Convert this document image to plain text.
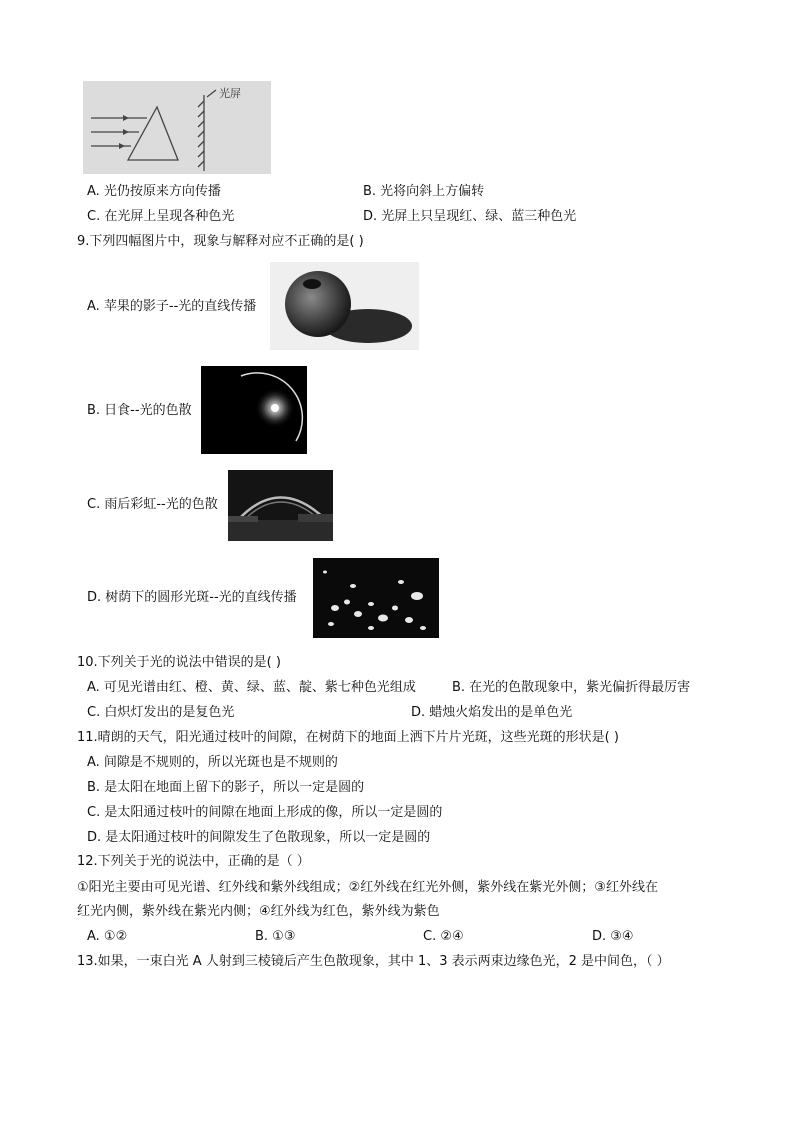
光屏
A. 光仍按原来方向传播	B. 光将向斜上方偏转
C. 在光屏上呈现各种色光	D. 光屏上只呈现红、绿、蓝三种色光
9.下列四幅图片中，现象与解释对应不正确的是( )
A. 苹果的影子--光的直线传播
B. 日食--光的色散
C. 雨后彩虹--光的色散
D. 树荫下的圆形光斑--光的直线传播
10.下列关于光的说法中错误的是( )
A. 可见光谱由红、橙、黄、绿、蓝、靛、紫七种色光组成	B. 在光的色散现象中，紫光偏折得最厉害
C. 白炽灯发出的是复色光	D. 蜡烛火焰发出的是单色光
11.晴朗的天气，阳光通过枝叶的间隙，在树荫下的地面上洒下片片光斑，这些光斑的形状是( )
A. 间隙是不规则的，所以光斑也是不规则的
B. 是太阳在地面上留下的影子，所以一定是圆的
C. 是太阳通过枝叶的间隙在地面上形成的像，所以一定是圆的
D. 是太阳通过枝叶的间隙发生了色散现象，所以一定是圆的
12.下列关于光的说法中，正确的是（ ）
①阳光主要由可见光谱、红外线和紫外线组成；②红外线在红光外侧，紫外线在紫光外侧；③红外线在
红光内侧，紫外线在紫光内侧；④红外线为红色，紫外线为紫色
A. ①②	B. ①③	C. ②④	D. ③④
13.如果，一束白光 A 人射到三棱镜后产生色散现象，其中 1、3 表示两束边缘色光，2 是中间色，（ ）
